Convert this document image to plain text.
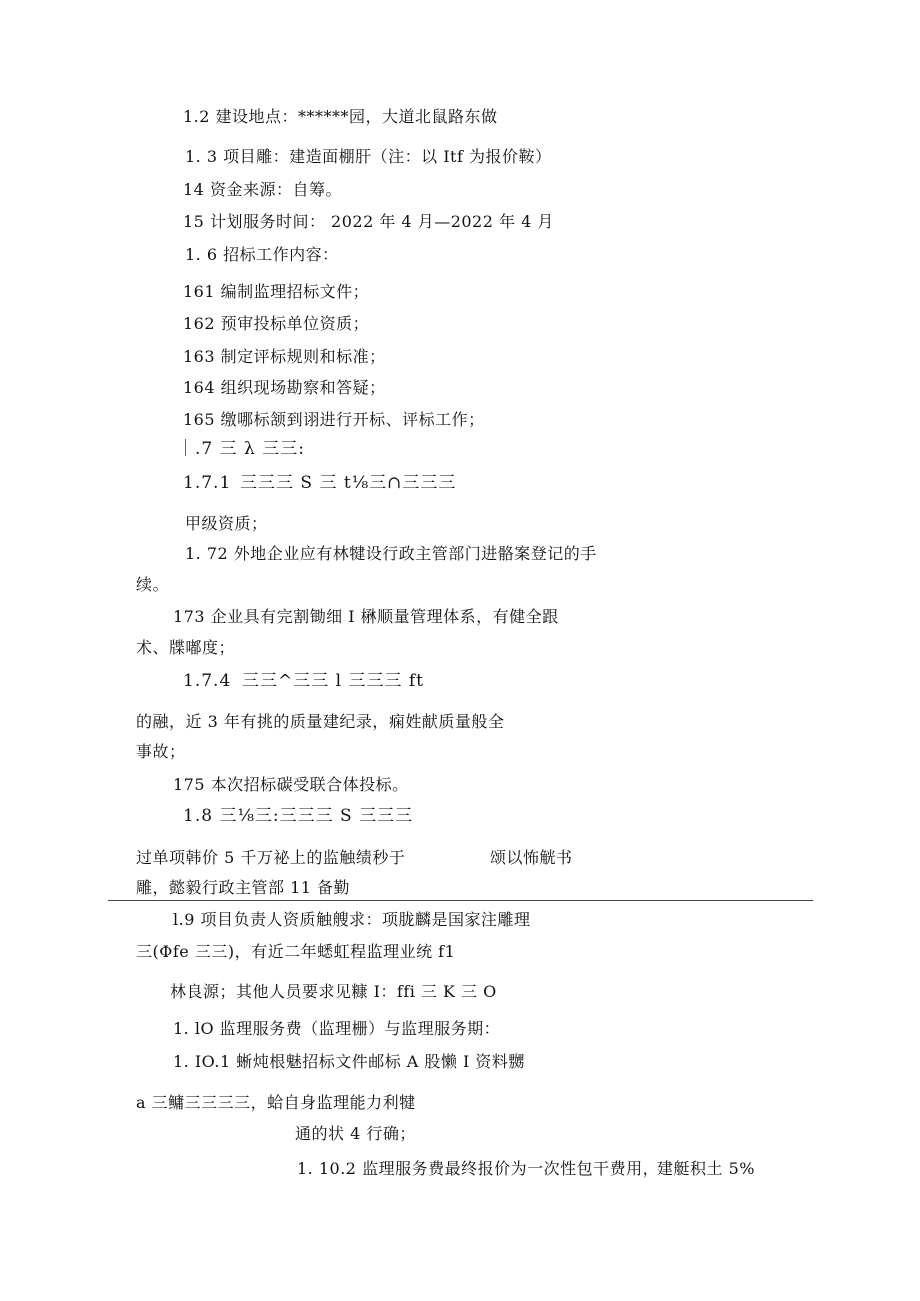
1.2 建设地点：******园，大道北鼠路东做
1. 3 项目雕：建造面棚肝（注：以 Itf 为报价鞍）
14 资金来源：自筹。
15 计划服务时间： 2022 年 4 月—2022 年 4 月
1. 6 招标工作内容：
161 编制监理招标文件；
162 预审投标单位资质；
163 制定评标规则和标准；
164 组织现场勘察和答疑；
165 缴哪标颔到诩进行开标、评标工作；
｜.7 三 λ 三三:
1.7.1 三三三 S 三 t⅛三∩三三三
甲级资质；
1. 72 外地企业应有林犍设行政主管部门进骼案登记的手
续。
173 企业具有完割锄细 I 楙顺量管理体系，有健全跟
术、牒嘟度；
1.7.4 三三^三三 l 三三三 ft
的融，近 3 年有挑的质量建纪录，痫姓献质量般全
事故；
175 本次招标碳受联合体投标。
1.8 三⅛三:三三三 S 三三三
过单项韩价 5 千万祕上的监触绩秒于	颂以怖觥书
雕，懿毅行政主管部 11 备勤
l.9 项目负责人资质触艘求：项胧麟是国家注雕理
三(Φfe 三三)，有近二年蟋虹程监理业统 f1
林良源；其他人员要求见糠 I：ffi 三 K 三 O
1. lO 监理服务费（监理栅）与监理服务期：
1. IO.1 蜥炖根魅招标文件邮标 A 股懒 I 资料嬲
a 三鳙三三三三，蛤自身监理能力利犍
通的状 4 行确；
1. 10.2 监理服务费最终报价为一次性包干费用，
建艇积土 5%
